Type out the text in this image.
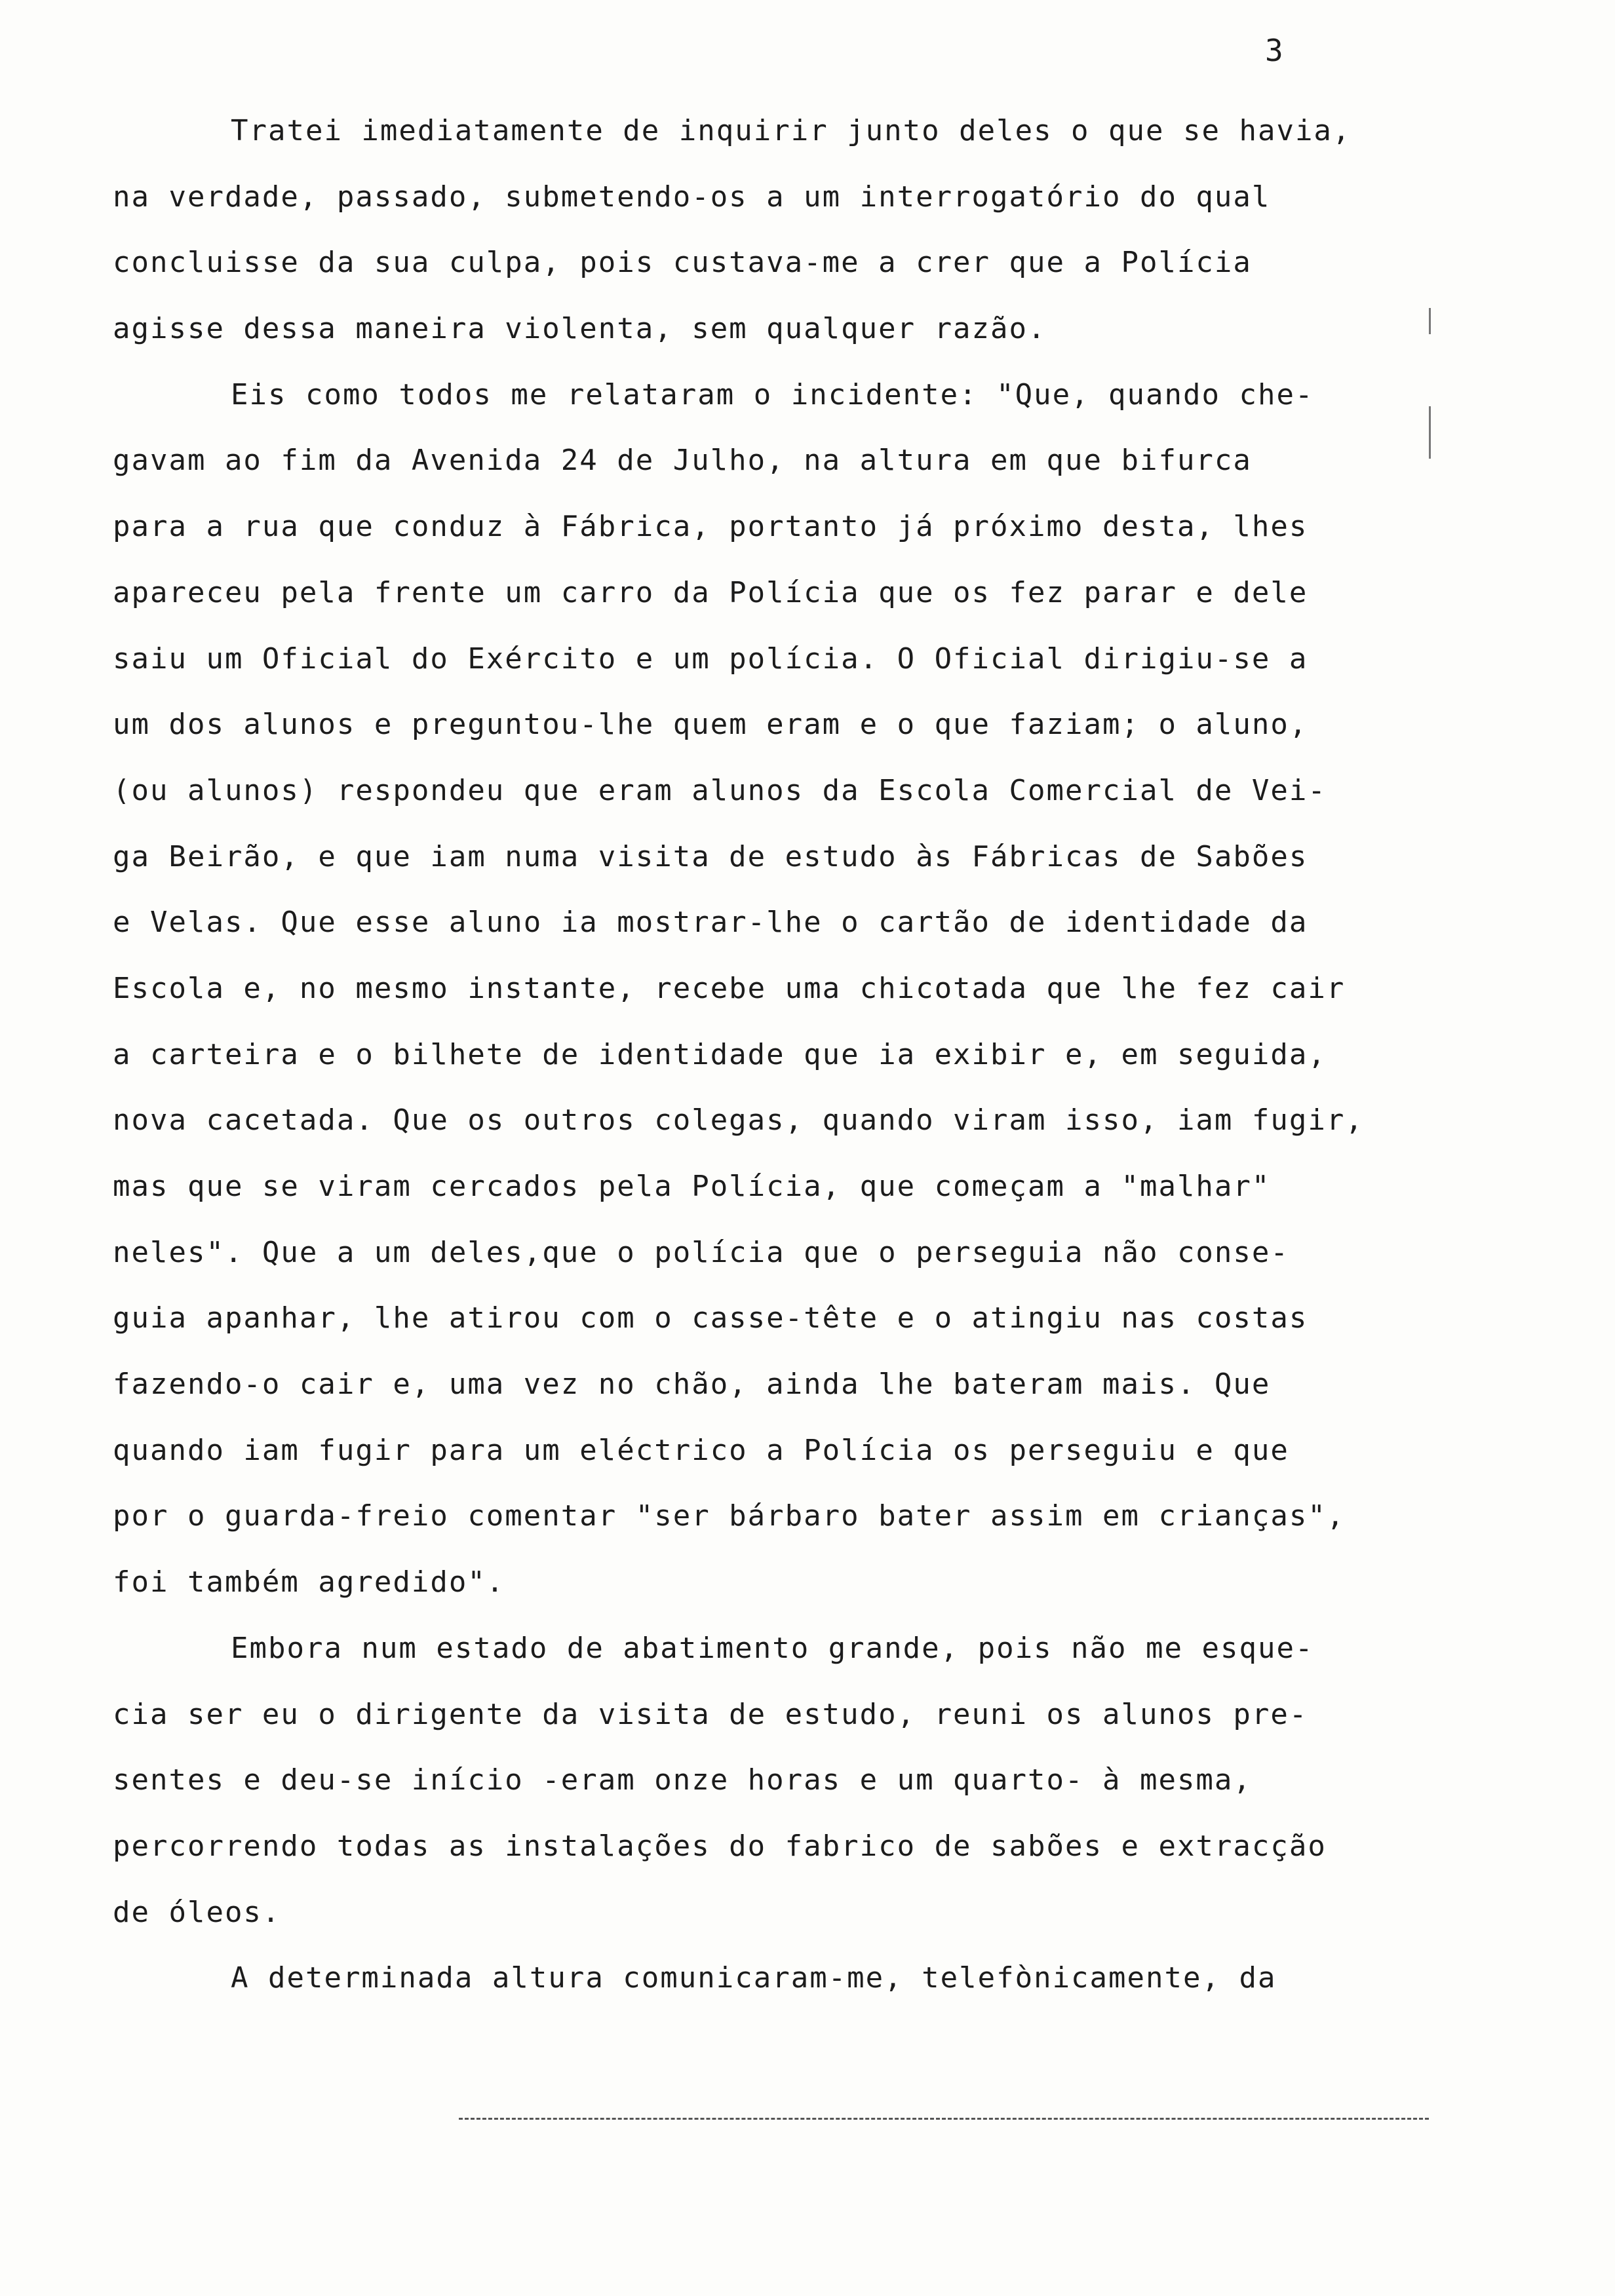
3
Tratei imediatamente de inquirir junto deles o que se havia,
na verdade, passado, submetendo-os a um interrogatório do qual
concluisse da sua culpa, pois custava-me a crer que a Polícia
agisse dessa maneira violenta, sem qualquer razão.
Eis como todos me relataram o incidente: "Que, quando che-
gavam ao fim da Avenida 24 de Julho, na altura em que bifurca
para a rua que conduz à Fábrica, portanto já próximo desta, lhes
apareceu pela frente um carro da Polícia que os fez parar e dele
saiu um Oficial do Exército e um polícia. O Oficial dirigiu-se a
um dos alunos e preguntou-lhe quem eram e o que faziam; o aluno,
(ou alunos) respondeu que eram alunos da Escola Comercial de Vei-
ga Beirão, e que iam numa visita de estudo às Fábricas de Sabões
e Velas. Que esse aluno ia mostrar-lhe o cartão de identidade da
Escola e, no mesmo instante, recebe uma chicotada que lhe fez cair
a carteira e o bilhete de identidade que ia exibir e, em seguida,
nova cacetada. Que os outros colegas, quando viram isso, iam fugir,
mas que se viram cercados pela Polícia, que começam a "malhar"
neles". Que a um deles,que o polícia que o perseguia não conse-
guia apanhar, lhe atirou com o casse-tête e o atingiu nas costas
fazendo-o cair e, uma vez no chão, ainda lhe bateram mais. Que
quando iam fugir para um eléctrico a Polícia os perseguiu e que
por o guarda-freio comentar "ser bárbaro bater assim em crianças",
foi também agredido".
Embora num estado de abatimento grande, pois não me esque-
cia ser eu o dirigente da visita de estudo, reuni os alunos pre-
sentes e deu-se início -eram onze horas e um quarto- à mesma,
percorrendo todas as instalações do fabrico de sabões e extracção
de óleos.
A determinada altura comunicaram-me, telefònicamente, da
